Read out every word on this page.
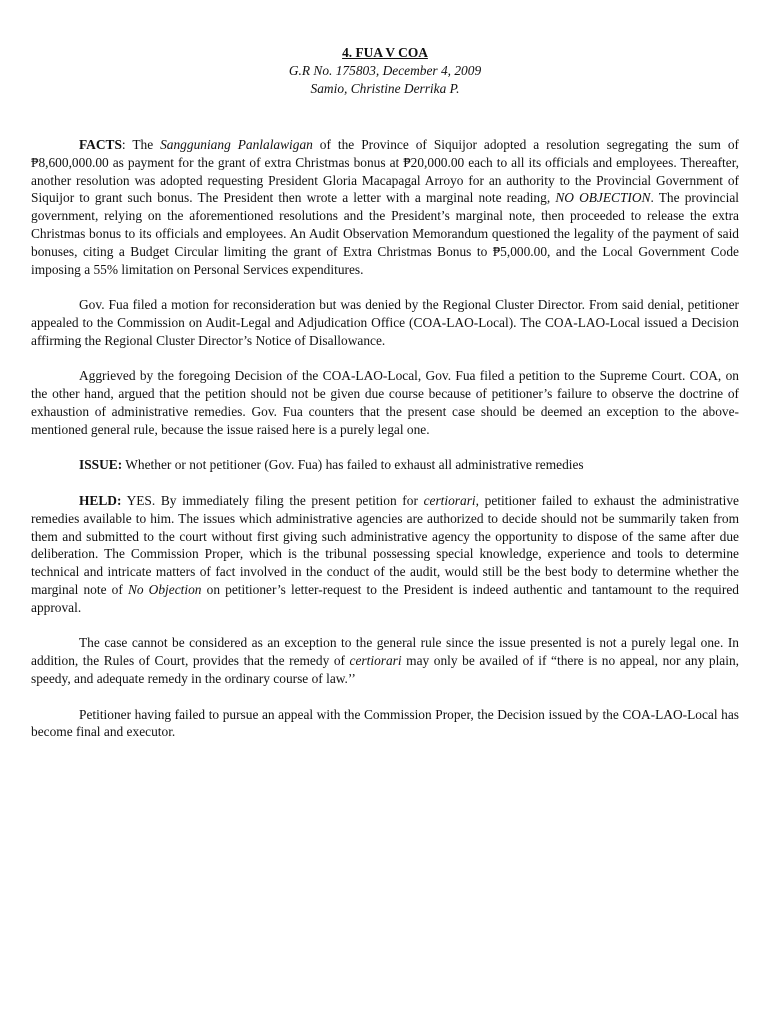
4. FUA V COA
G.R No. 175803, December 4, 2009
Samio, Christine Derrika P.

FACTS: The Sangguniang Panlalawigan of the Province of Siquijor adopted a resolution segregating the sum of ₱8,600,000.00 as payment for the grant of extra Christmas bonus at ₱20,000.00 each to all its officials and employees. Thereafter, another resolution was adopted requesting President Gloria Macapagal Arroyo for an authority to the Provincial Government of Siquijor to grant such bonus. The President then wrote a letter with a marginal note reading, NO OBJECTION. The provincial government, relying on the aforementioned resolutions and the President’s marginal note, then proceeded to release the extra Christmas bonus to its officials and employees. An Audit Observation Memorandum questioned the legality of the payment of said bonuses, citing a Budget Circular limiting the grant of Extra Christmas Bonus to ₱5,000.00, and the Local Government Code imposing a 55% limitation on Personal Services expenditures.

Gov. Fua filed a motion for reconsideration but was denied by the Regional Cluster Director. From said denial, petitioner appealed to the Commission on Audit-Legal and Adjudication Office (COA-LAO-Local). The COA-LAO-Local issued a Decision affirming the Regional Cluster Director’s Notice of Disallowance.

Aggrieved by the foregoing Decision of the COA-LAO-Local, Gov. Fua filed a petition to the Supreme Court. COA, on the other hand, argued that the petition should not be given due course because of petitioner’s failure to observe the doctrine of exhaustion of administrative remedies. Gov. Fua counters that the present case should be deemed an exception to the above-mentioned general rule, because the issue raised here is a purely legal one.

ISSUE: Whether or not petitioner (Gov. Fua) has failed to exhaust all administrative remedies

HELD: YES. By immediately filing the present petition for certiorari, petitioner failed to exhaust the administrative remedies available to him. The issues which administrative agencies are authorized to decide should not be summarily taken from them and submitted to the court without first giving such administrative agency the opportunity to dispose of the same after due deliberation. The Commission Proper, which is the tribunal possessing special knowledge, experience and tools to determine technical and intricate matters of fact involved in the conduct of the audit, would still be the best body to determine whether the marginal note of No Objection on petitioner’s letter-request to the President is indeed authentic and tantamount to the required approval.

The case cannot be considered as an exception to the general rule since the issue presented is not a purely legal one. In addition, the Rules of Court, provides that the remedy of certiorari may only be availed of if “there is no appeal, nor any plain, speedy, and adequate remedy in the ordinary course of law.’’

Petitioner having failed to pursue an appeal with the Commission Proper, the Decision issued by the COA-LAO-Local has become final and executor.
